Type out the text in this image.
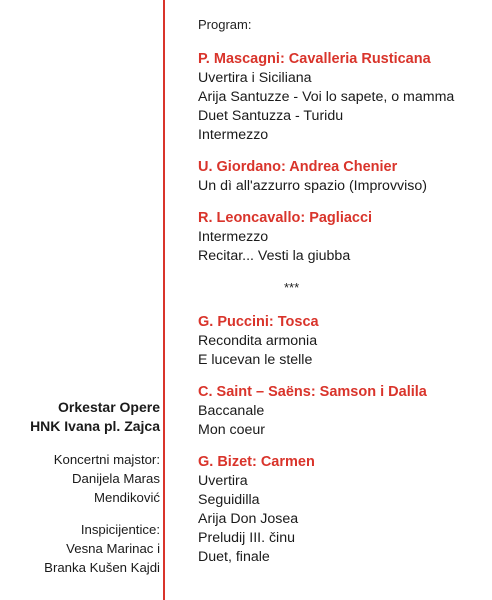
Program:
P. Mascagni: Cavalleria Rusticana
Uvertira i Siciliana
Arija Santuzze - Voi lo sapete, o mamma
Duet Santuzza - Turidu
Intermezzo
U. Giordano: Andrea Chenier
Un dì all'azzurro spazio (Improvviso)
R. Leoncavallo: Pagliacci
Intermezzo
Recitar... Vesti la giubba
***
G. Puccini: Tosca
Recondita armonia
E lucevan le stelle
C. Saint – Saëns: Samson i Dalila
Baccanale
Mon coeur
G. Bizet: Carmen
Uvertira
Seguidilla
Arija Don Josea
Preludij III. činu
Duet, finale
Orkestar Opere
HNK Ivana pl. Zajca
Koncertni majstor:
Danijela Maras
Mendiković
Inspicijentice:
Vesna Marinac i
Branka Kušen Kajdi
